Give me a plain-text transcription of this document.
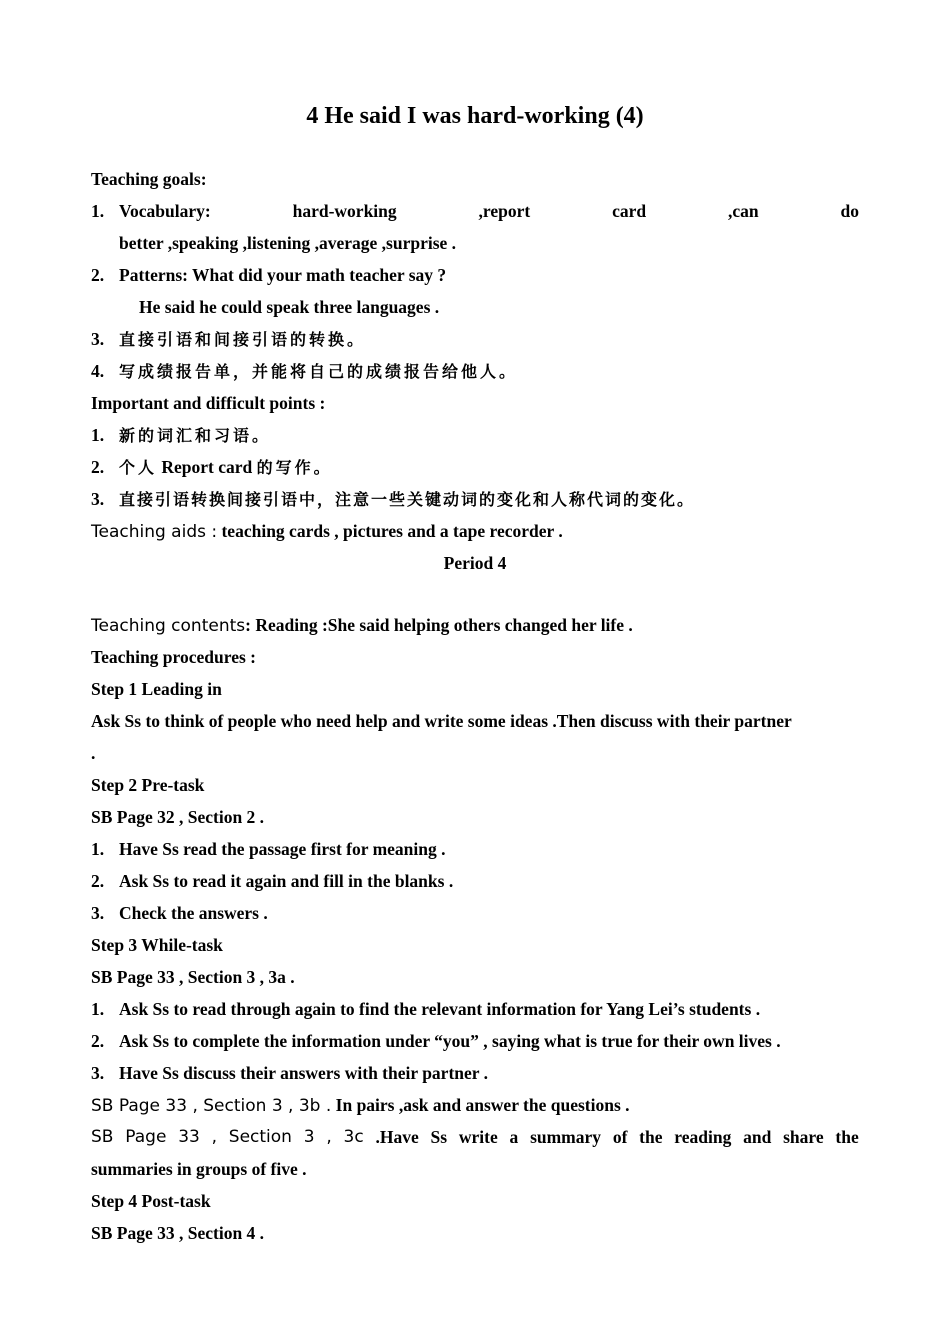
4 He said I was hard-working (4)
Teaching goals:
1. Vocabulary:	hard-working	,report	card	,can	do
better ,speaking ,listening ,average ,surprise .
2. Patterns: What did your math teacher say ?
He said he could speak three languages .
3. 直接引语和间接引语的转换。
4. 写成绩报告单，并能将自己的成绩报告给他人。
Important and difficult points :
1. 新的词汇和习语。
2. 个人 Report card 的写作。
3. 直接引语转换间接引语中，注意一些关键动词的变化和人称代词的变化。
Teaching aids : teaching cards , pictures and a tape recorder .
Period 4
Teaching contents: Reading :She said helping others changed her life .
Teaching procedures :
Step 1 Leading in
Ask Ss to think of people who need help and write some ideas .Then discuss with their partner
.
Step 2 Pre-task
SB Page 32 , Section 2 .
1. Have Ss read the passage first for meaning .
2. Ask Ss to read it again and fill in the blanks .
3. Check the answers .
Step 3 While-task
SB Page 33 , Section 3 , 3a .
1. Ask Ss to read through again to find the relevant information for Yang Lei’s students .
2. Ask Ss to complete the information under “you” , saying what is true for their own lives .
3. Have Ss discuss their answers with their partner .
SB Page 33 , Section 3 , 3b . In pairs ,ask and answer the questions .
SB Page 33 , Section 3 , 3c .Have Ss write a summary of the reading and share the
summaries in groups of five .
Step 4 Post-task
SB Page 33 , Section 4 .
